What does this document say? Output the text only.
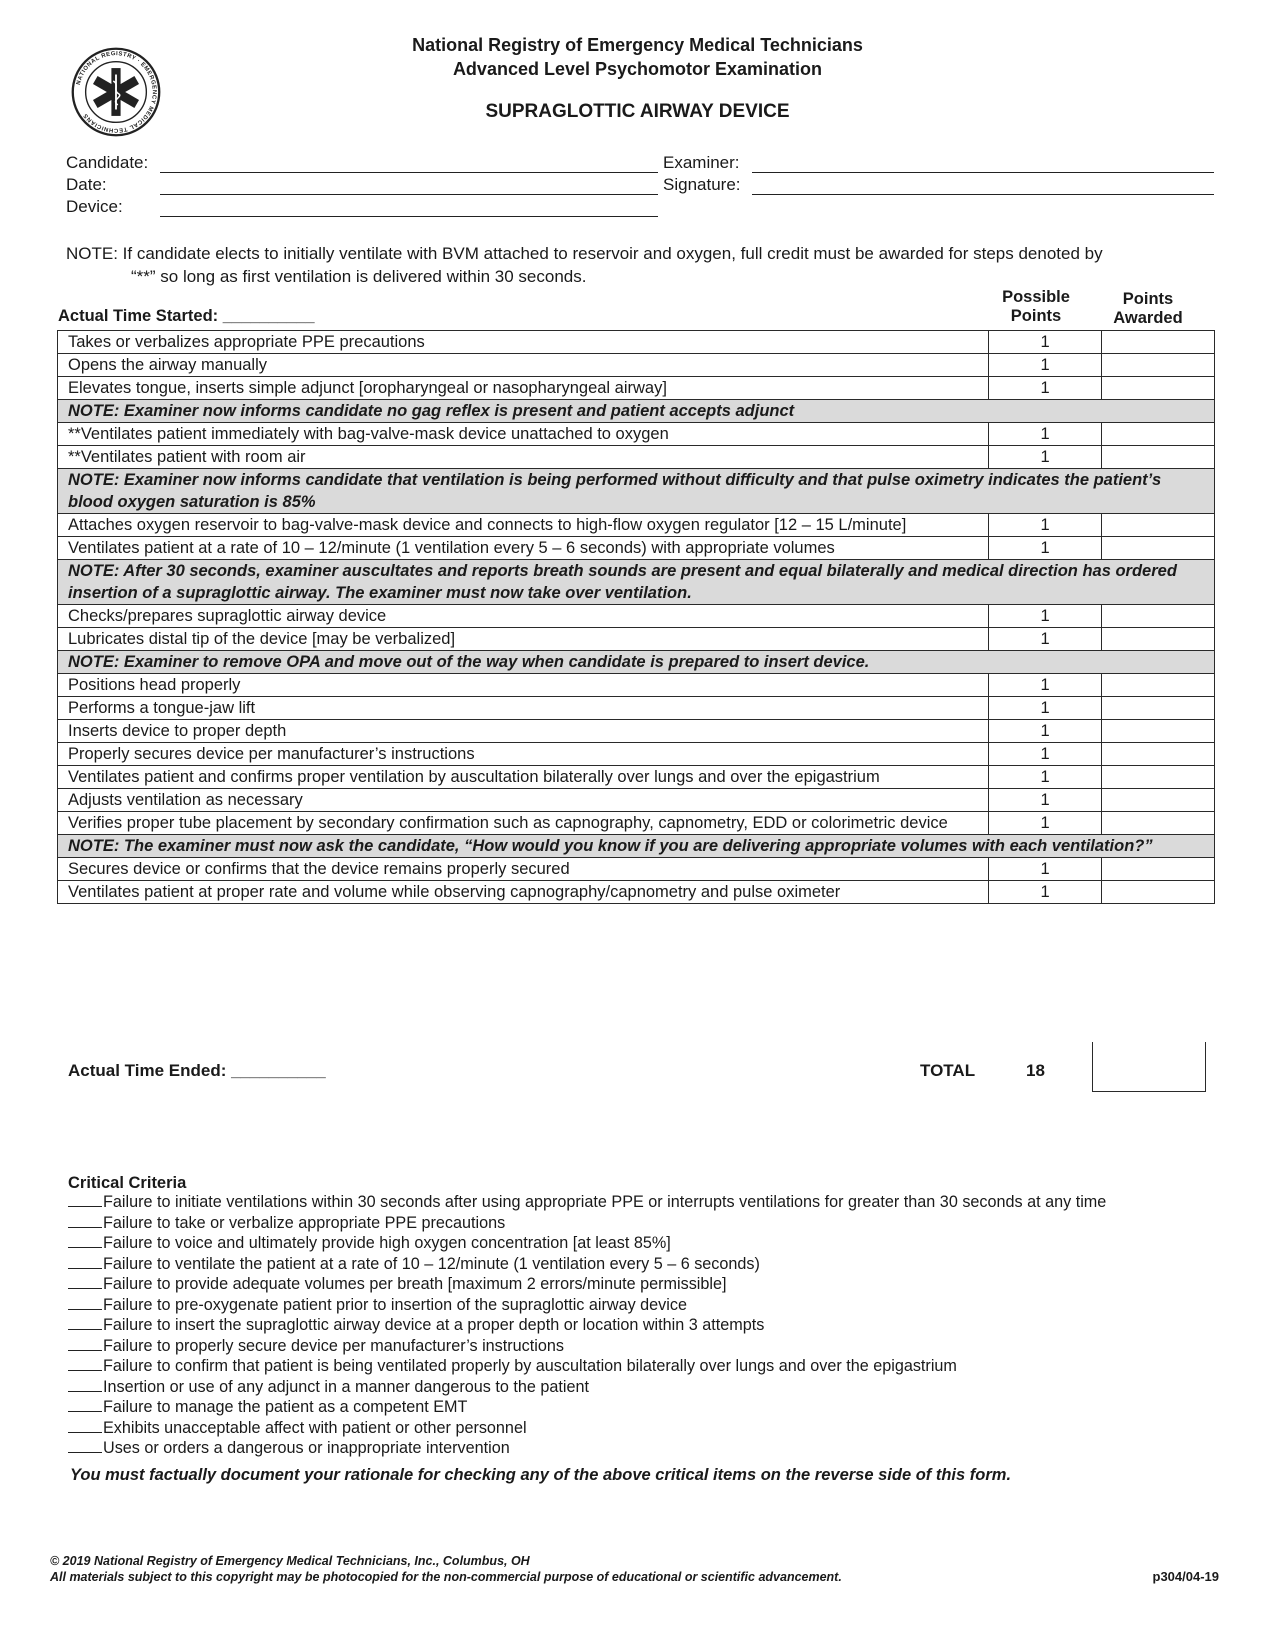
NATIONAL REGISTRY · EMERGENCY MEDICAL TECHNICIANS
National Registry of Emergency Medical Technicians
Advanced Level Psychomotor Examination
SUPRAGLOTTIC AIRWAY DEVICE
Candidate:
Date:
Device:
Examiner:
Signature:
NOTE: If candidate elects to initially ventilate with BVM attached to reservoir and oxygen, full credit must be awarded for steps denoted by
“**” so long as first ventilation is delivered within 30 seconds.
Actual Time Started: __________
Possible
Points
Points
Awarded
Takes or verbalizes appropriate PPE precautions	1	
Opens the airway manually	1	
Elevates tongue, inserts simple adjunct [oropharyngeal or nasopharyngeal airway]	1	
NOTE: Examiner now informs candidate no gag reflex is present and patient accepts adjunct		
**Ventilates patient immediately with bag-valve-mask device unattached to oxygen	1	
**Ventilates patient with room air	1	
NOTE: Examiner now informs candidate that ventilation is being performed without difficulty and that pulse oximetry indicates the patient’s blood oxygen saturation is 85%		
Attaches oxygen reservoir to bag-valve-mask device and connects to high-flow oxygen regulator [12 – 15 L/minute]	1	
Ventilates patient at a rate of 10 – 12/minute (1 ventilation every 5 – 6 seconds) with appropriate volumes	1	
NOTE: After 30 seconds, examiner auscultates and reports breath sounds are present and equal bilaterally and medical direction has ordered insertion of a supraglottic airway. The examiner must now take over ventilation.		
Checks/prepares supraglottic airway device	1	
Lubricates distal tip of the device [may be verbalized]	1	
NOTE: Examiner to remove OPA and move out of the way when candidate is prepared to insert device.		
Positions head properly	1	
Performs a tongue-jaw lift	1	
Inserts device to proper depth	1	
Properly secures device per manufacturer’s instructions	1	
Ventilates patient and confirms proper ventilation by auscultation bilaterally over lungs and over the epigastrium	1	
Adjusts ventilation as necessary	1	
Verifies proper tube placement by secondary confirmation such as capnography, capnometry, EDD or colorimetric device	1	
NOTE: The examiner must now ask the candidate, “How would you know if you are delivering appropriate volumes with each ventilation?”		
Secures device or confirms that the device remains properly secured	1	
Ventilates patient at proper rate and volume while observing capnography/capnometry and pulse oximeter	1	
Actual Time Ended: __________	TOTAL	18
Critical Criteria
Failure to initiate ventilations within 30 seconds after using appropriate PPE or interrupts ventilations for greater than 30 seconds at any time
Failure to take or verbalize appropriate PPE precautions
Failure to voice and ultimately provide high oxygen concentration [at least 85%]
Failure to ventilate the patient at a rate of 10 – 12/minute (1 ventilation every 5 – 6 seconds)
Failure to provide adequate volumes per breath [maximum 2 errors/minute permissible]
Failure to pre-oxygenate patient prior to insertion of the supraglottic airway device
Failure to insert the supraglottic airway device at a proper depth or location within 3 attempts
Failure to properly secure device per manufacturer’s instructions
Failure to confirm that patient is being ventilated properly by auscultation bilaterally over lungs and over the epigastrium
Insertion or use of any adjunct in a manner dangerous to the patient
Failure to manage the patient as a competent EMT
Exhibits unacceptable affect with patient or other personnel
Uses or orders a dangerous or inappropriate intervention
You must factually document your rationale for checking any of the above critical items on the reverse side of this form.
© 2019 National Registry of Emergency Medical Technicians, Inc., Columbus, OH
All materials subject to this copyright may be photocopied for the non-commercial purpose of educational or scientific advancement.	p304/04-19
